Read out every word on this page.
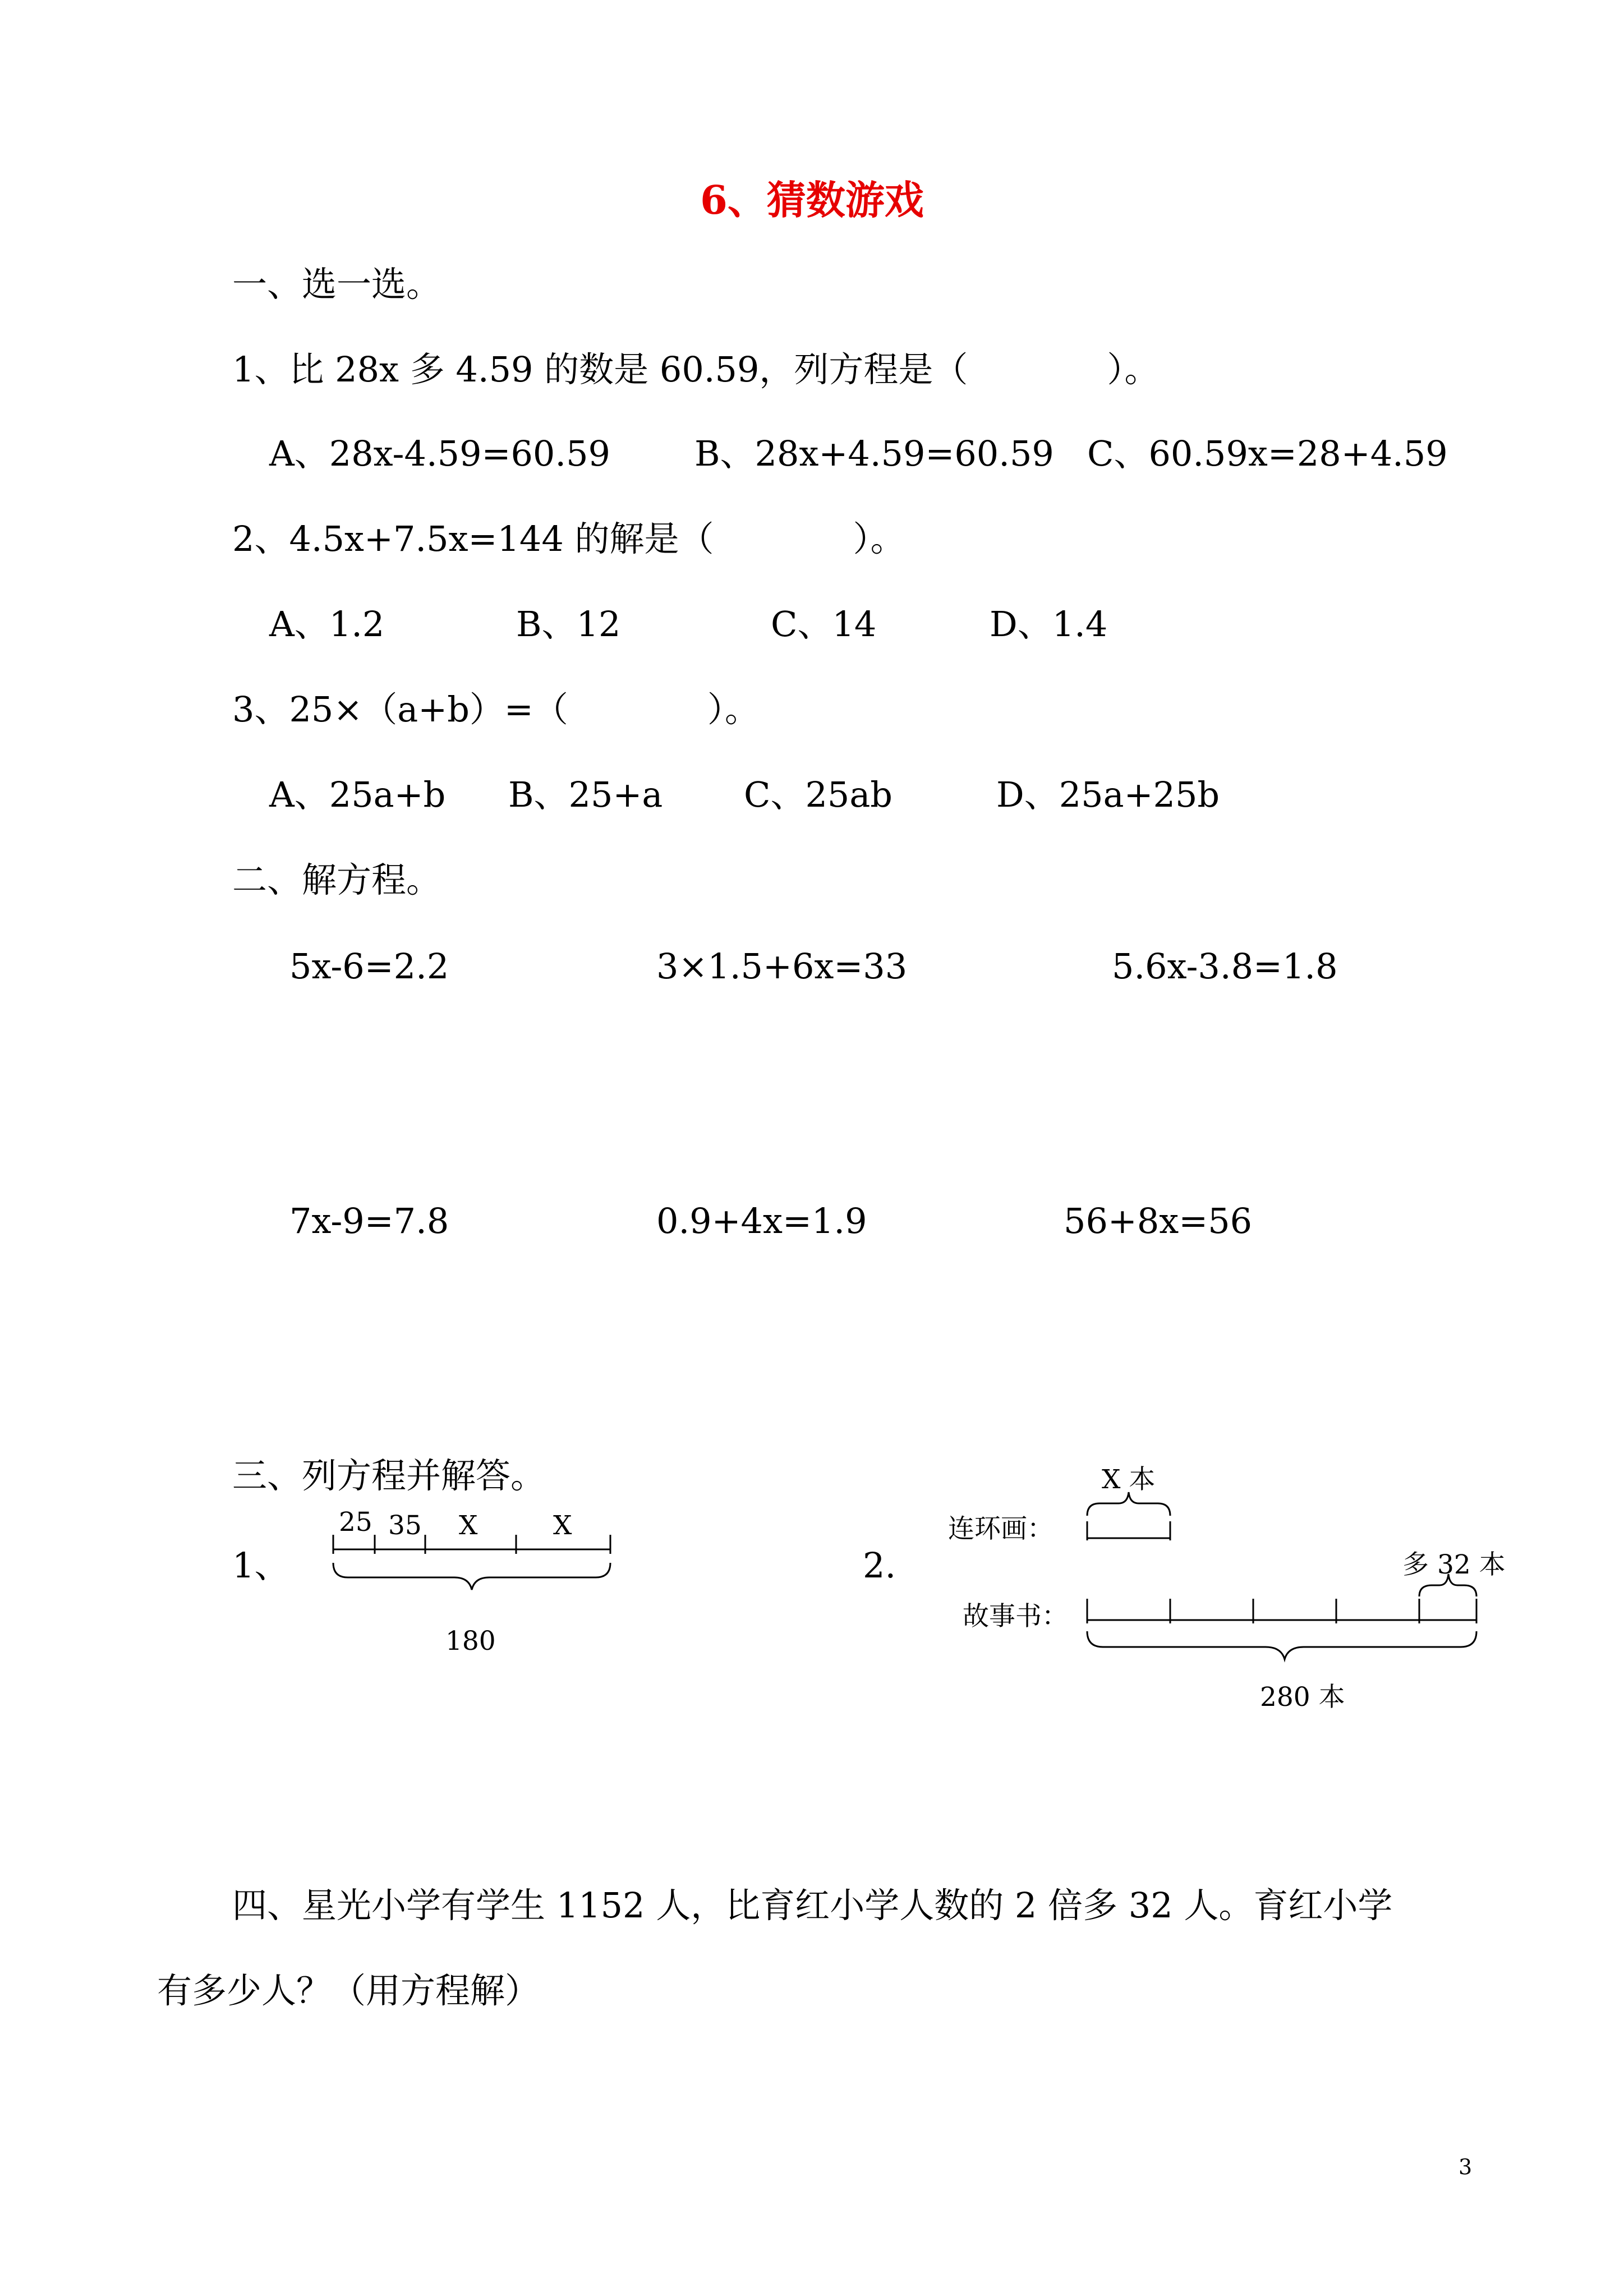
6、猜数游戏
一、选一选。
1、比 28x 多 4.59 的数是 60.59，列方程是（　　　　）。
A、28x-4.59=60.59 B、28x+4.59=60.59 C、60.59x=28+4.59
2、4.5x+7.5x=144 的解是（　　　　）。
A、1.2	B、12	C、14	D、1.4
3、25×（a+b）=（　　　　）。
A、25a+b B、25+a C、25ab	D、25a+25b
二、解方程。
5x-6=2.2	3×1.5+6x=33	5.6x-3.8=1.8
7x-9=7.8	0.9+4x=1.9	56+8x=56
三、列方程并解答。
1、
25 35 X	X
180
2.
X 本
连环画：
故事书：
多 32 本
280 本
四、星光小学有学生 1152 人，比育红小学人数的 2 倍多 32 人。育红小学
有多少人？（用方程解）
3
